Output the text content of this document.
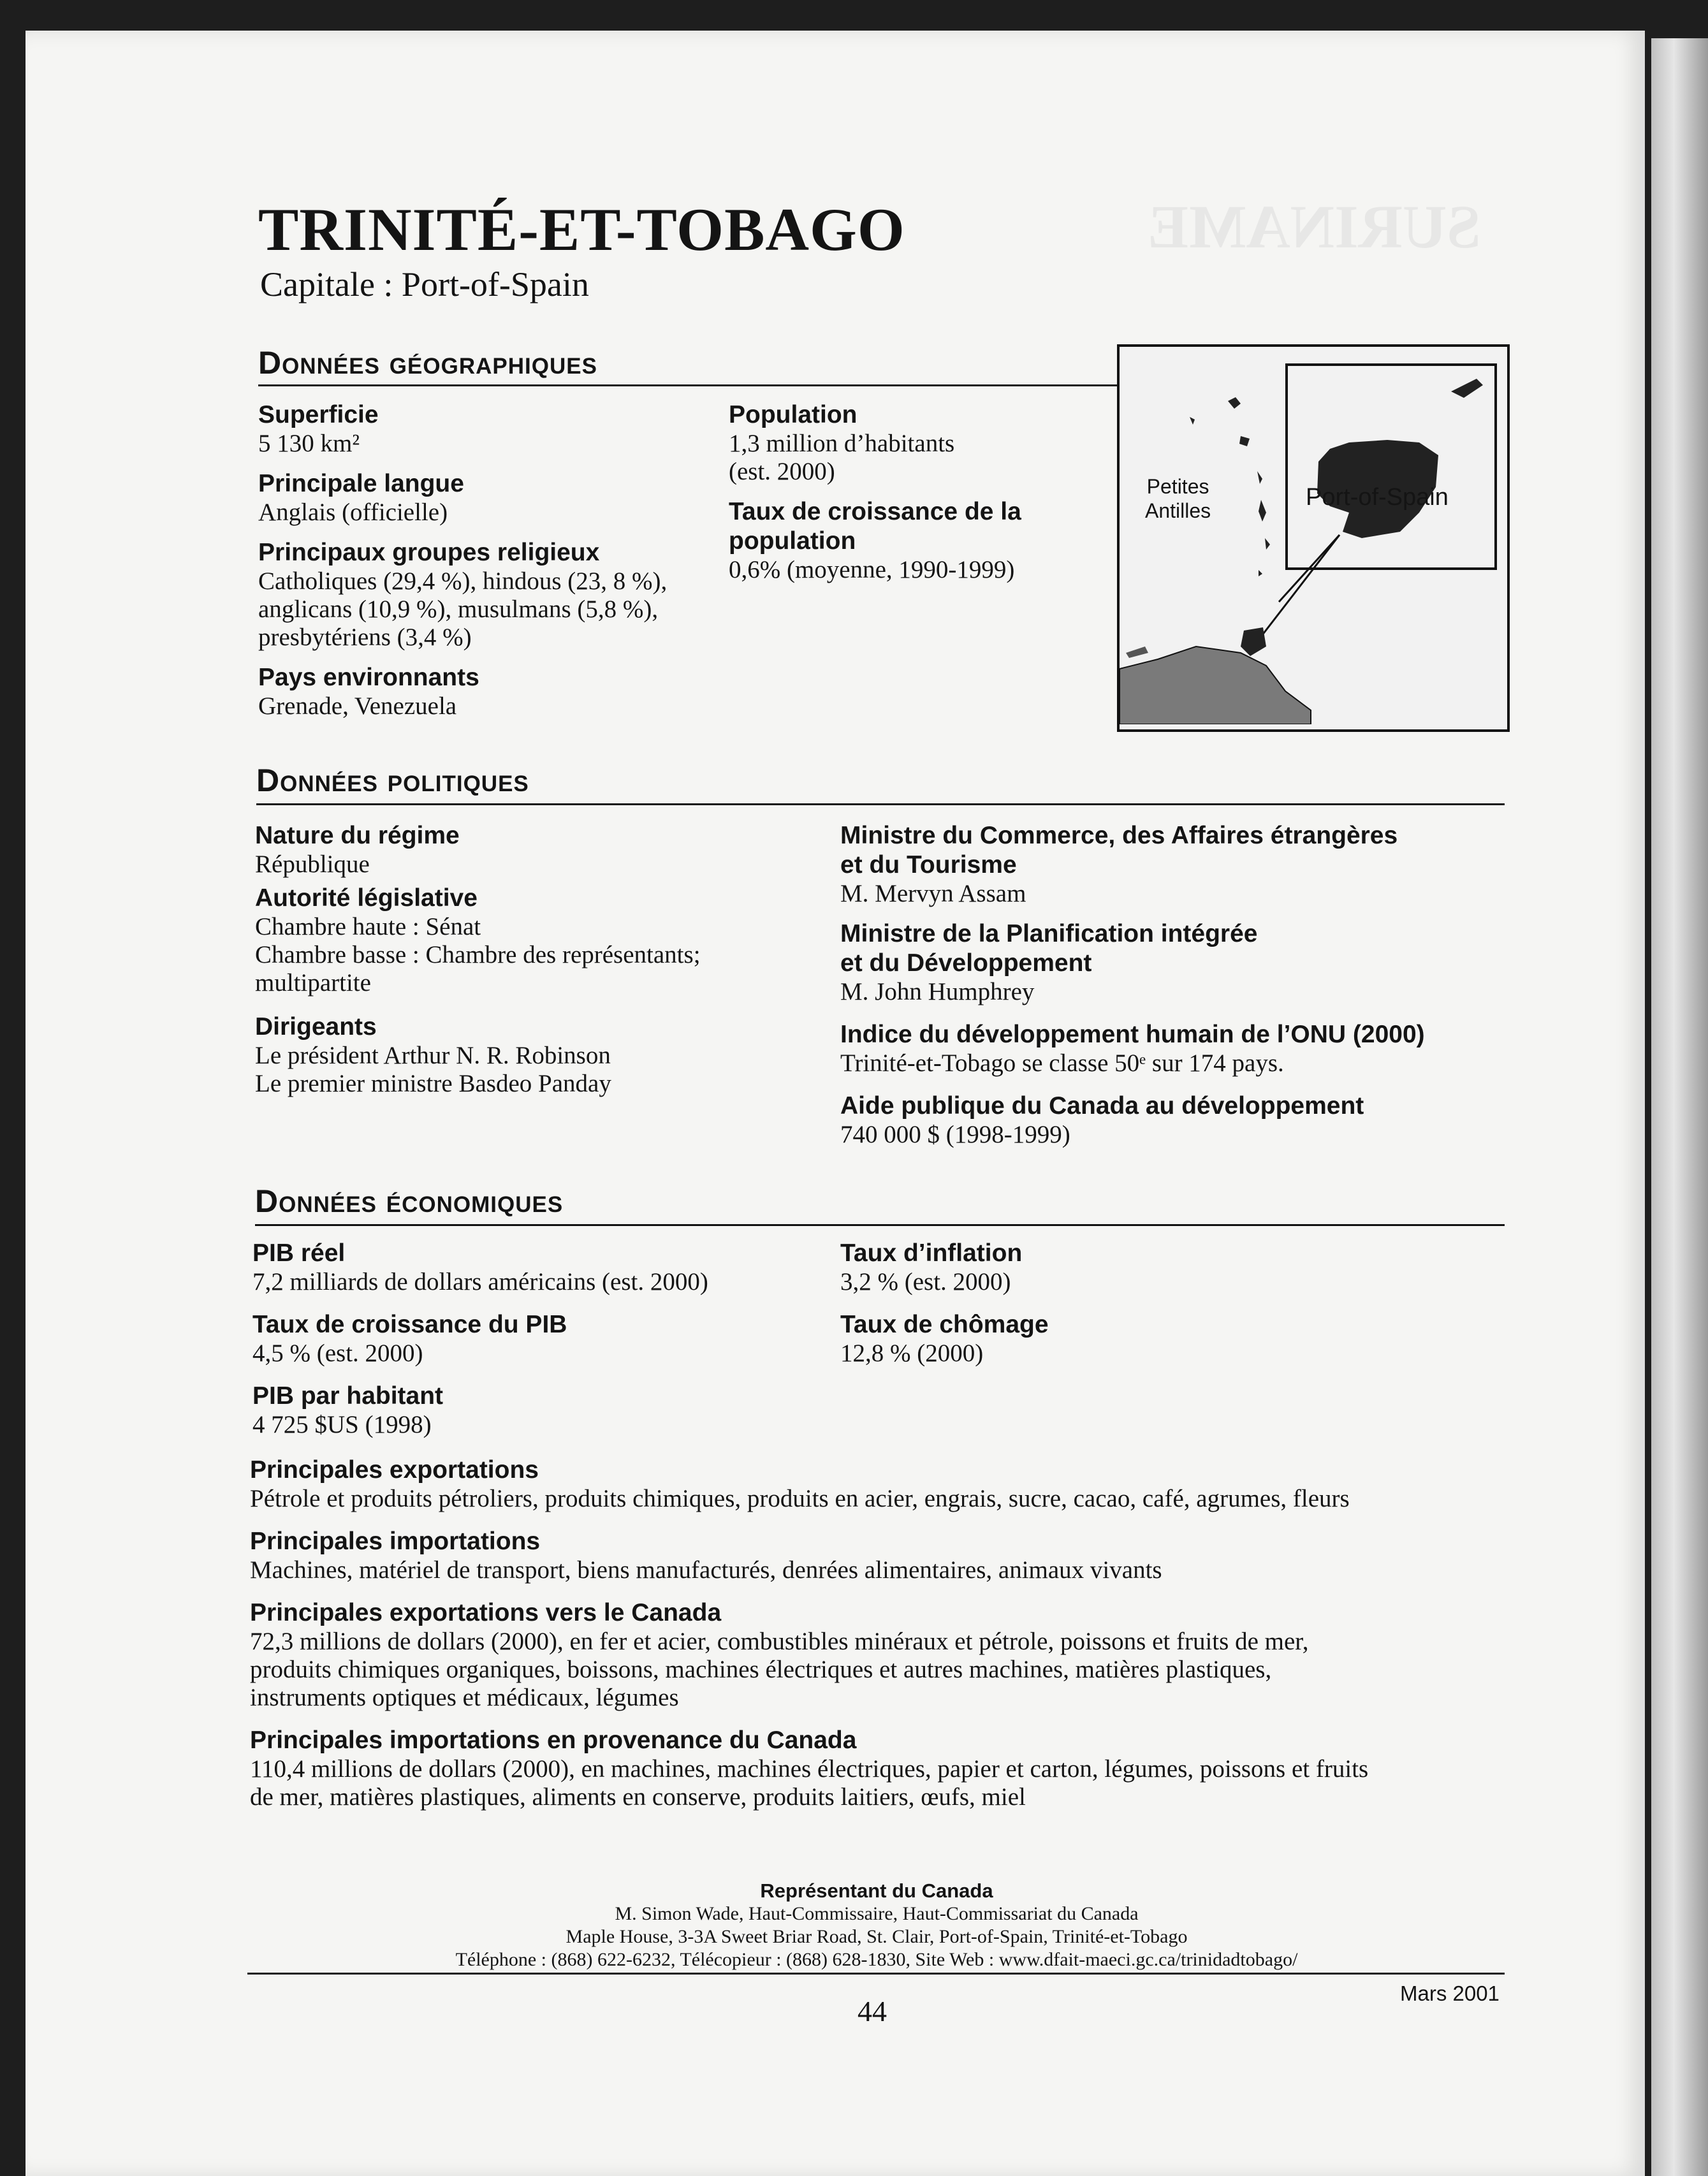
SURINAME
TRINITÉ-ET-TOBAGO
Capitale : Port-of-Spain
Données géographiques

Superficie

5 130 km²

Principale langue

Anglais (officielle)

Principaux groupes religieux

Catholiques (29,4 %), hindous (23, 8 %),

anglicans (10,9 %), musulmans (5,8 %),

presbytériens (3,4 %)

Pays environnants

Grenade, Venezuela

Population

1,3 million d’habitants

(est. 2000)

Taux de croissance de la

population

0,6% (moyenne, 1990-1999)

Petites
Antilles	Port-of-Spain
Données politiques

Nature du régime

République

Autorité législative

Chambre haute : Sénat

Chambre basse : Chambre des représentants;

multipartite

Dirigeants

Le président Arthur N. R. Robinson

Le premier ministre Basdeo Panday

Ministre du Commerce, des Affaires étrangères

et du Tourisme

M. Mervyn Assam

Ministre de la Planification intégrée

et du Développement

M. John Humphrey

Indice du développement humain de l’ONU (2000)

Trinité-et-Tobago se classe 50ᵉ sur 174 pays.

Aide publique du Canada au développement

740 000 $ (1998-1999)

Données économiques

PIB réel

7,2 milliards de dollars américains (est. 2000)

Taux de croissance du PIB

4,5 % (est. 2000)

PIB par habitant

4 725 $US (1998)

Taux d’inflation

3,2 % (est. 2000)

Taux de chômage

12,8 % (2000)

Principales exportations

Pétrole et produits pétroliers, produits chimiques, produits en acier, engrais, sucre, cacao, café, agrumes, fleurs

Principales importations

Machines, matériel de transport, biens manufacturés, denrées alimentaires, animaux vivants

Principales exportations vers le Canada

72,3 millions de dollars (2000), en fer et acier, combustibles minéraux et pétrole, poissons et fruits de mer,

produits chimiques organiques, boissons, machines électriques et autres machines, matières plastiques,

instruments optiques et médicaux, légumes

Principales importations en provenance du Canada

110,4 millions de dollars (2000), en machines, machines électriques, papier et carton, légumes, poissons et fruits

de mer, matières plastiques, aliments en conserve, produits laitiers, œufs, miel

Représentant du Canada
M. Simon Wade, Haut-Commissaire, Haut-Commissariat du Canada
Maple House, 3-3A Sweet Briar Road, St. Clair, Port-of-Spain, Trinité-et-Tobago
Téléphone : (868) 622-6232, Télécopieur : (868) 628-1830, Site Web : www.dfait-maeci.gc.ca/trinidadtobago/
44
Mars 2001
